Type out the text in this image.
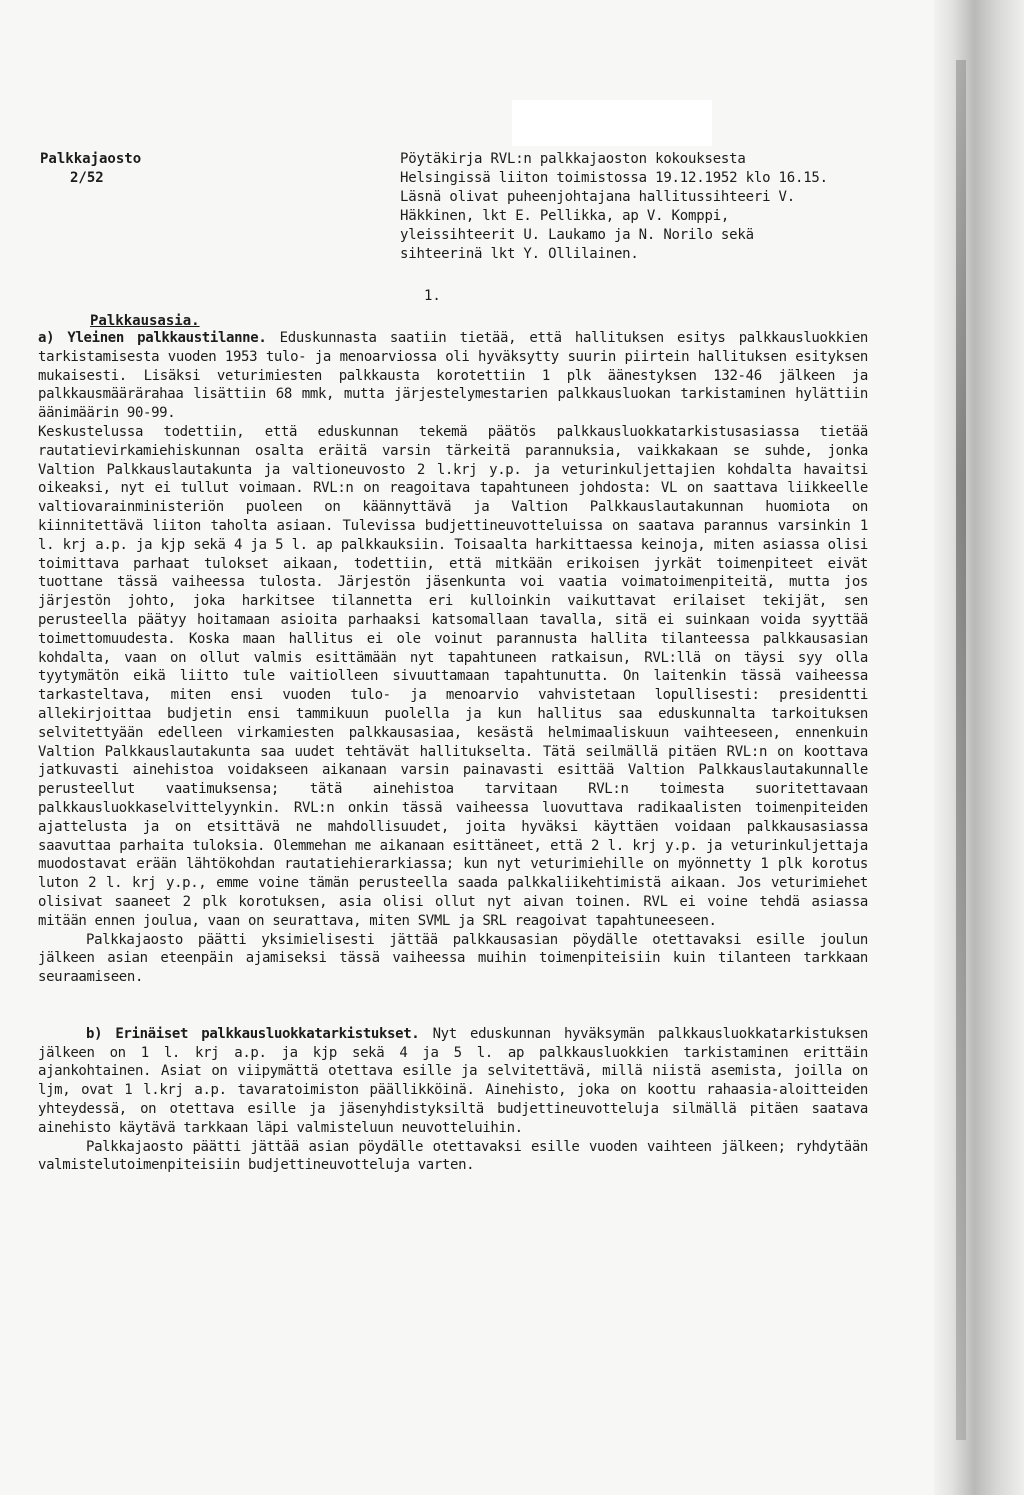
Palkkajaosto
2/52
Pöytäkirja RVL:n palkkajaoston kokouksesta Helsingissä liiton toimistossa 19.12.1952 klo 16.15. Läsnä olivat puheenjohtajana hallitussihteeri V. Häkkinen, lkt E. Pellikka, ap V. Komppi, yleissihteerit U. Laukamo ja N. Norilo sekä sihteerinä lkt Y. Ollilainen.
1.
Palkkausasia.

a) Yleinen palkkaustilanne. Eduskunnasta saatiin tietää, että hallituksen esitys palkkausluokkien tarkistamisesta vuoden 1953 tulo- ja menoarviossa oli hyväksytty suurin piirtein hallituksen esityksen mukaisesti. Lisäksi veturimiesten palkkausta korotettiin 1 plk äänestyksen 132-46 jälkeen ja palkkausmäärärahaa lisättiin 68 mmk, mutta järjestelymestarien palkkausluokan tarkistaminen hylättiin äänimäärin 90-99.

Keskustelussa todettiin, että eduskunnan tekemä päätös palkkausluokkatarkistusasiassa tietää rautatievirkamiehiskunnan osalta eräitä varsin tärkeitä parannuksia, vaikkakaan se suhde, jonka Valtion Palkkauslautakunta ja valtioneuvosto 2 l.krj y.p. ja veturinkuljettajien kohdalta havaitsi oikeaksi, nyt ei tullut voimaan. RVL:n on reagoitava tapahtuneen johdosta: VL on saattava liikkeelle valtiovarainministeriön puoleen on käännyttävä ja Valtion Palkkauslautakunnan huomiota on kiinnitettävä liiton taholta asiaan. Tulevissa budjettineuvotteluissa on saatava parannus varsinkin 1 l. krj a.p. ja kjp sekä 4 ja 5 l. ap palkkauksiin. Toisaalta harkittaessa keinoja, miten asiassa olisi toimittava parhaat tulokset aikaan, todettiin, että mitkään erikoisen jyrkät toimenpiteet eivät tuottane tässä vaiheessa tulosta. Järjestön jäsenkunta voi vaatia voimatoimenpiteitä, mutta jos järjestön johto, joka harkitsee tilannetta eri kulloinkin vaikuttavat erilaiset tekijät, sen perusteella päätyy hoitamaan asioita parhaaksi katsomallaan tavalla, sitä ei suinkaan voida syyttää toimettomuudesta. Koska maan hallitus ei ole voinut parannusta hallita tilanteessa palkkausasian kohdalta, vaan on ollut valmis esittämään nyt tapahtuneen ratkaisun, RVL:llä on täysi syy olla tyytymätön eikä liitto tule vaitiolleen sivuuttamaan tapahtunutta. On laitenkin tässä vaiheessa tarkasteltava, miten ensi vuoden tulo- ja menoarvio vahvistetaan lopullisesti: presidentti allekirjoittaa budjetin ensi tammikuun puolella ja kun hallitus saa eduskunnalta tarkoituksen selvitettyään edelleen virkamiesten palkkausasiaa, kesästä helmimaaliskuun vaihteeseen, ennenkuin Valtion Palkkauslautakunta saa uudet tehtävät hallitukselta. Tätä seilmällä pitäen RVL:n on koottava jatkuvasti ainehistoa voidakseen aikanaan varsin painavasti esittää Valtion Palkkauslautakunnalle perusteellut vaatimuksensa; tätä ainehistoa tarvitaan RVL:n toimesta suoritettavaan palkkausluokkaselvittelyynkin. RVL:n onkin tässä vaiheessa luovuttava radikaalisten toimenpiteiden ajattelusta ja on etsittävä ne mahdollisuudet, joita hyväksi käyttäen voidaan palkkausasiassa saavuttaa parhaita tuloksia. Olemmehan me aikanaan esittäneet, että 2 l. krj y.p. ja veturinkuljettaja muodostavat erään lähtökohdan rautatiehierarkiassa; kun nyt veturimiehille on myönnetty 1 plk korotus luton 2 l. krj y.p., emme voine tämän perusteella saada palkkaliikehtimistä aikaan. Jos veturimiehet olisivat saaneet 2 plk korotuksen, asia olisi ollut nyt aivan toinen. RVL ei voine tehdä asiassa mitään ennen joulua, vaan on seurattava, miten SVML ja SRL reagoivat tapahtuneeseen.

Palkkajaosto päätti yksimielisesti jättää palkkausasian pöydälle otettavaksi esille joulun jälkeen asian eteenpäin ajamiseksi tässä vaiheessa muihin toimenpiteisiin kuin tilanteen tarkkaan seuraamiseen.

b) Erinäiset palkkausluokkatarkistukset. Nyt eduskunnan hyväksymän palkkausluokkatarkistuksen jälkeen on 1 l. krj a.p. ja kjp sekä 4 ja 5 l. ap palkkausluokkien tarkistaminen erittäin ajankohtainen. Asiat on viipymättä otettava esille ja selvitettävä, millä niistä asemista, joilla on ljm, ovat 1 l.krj a.p. tavaratoimiston päällikköinä. Ainehisto, joka on koottu rahaasia-aloitteiden yhteydessä, on otettava esille ja jäsenyhdistyksiltä budjettineuvotteluja silmällä pitäen saatava ainehisto käytävä tarkkaan läpi valmisteluun neuvotteluihin.

Palkkajaosto päätti jättää asian pöydälle otettavaksi esille vuoden vaihteen jälkeen; ryhdytään valmistelutoimenpiteisiin budjettineuvotteluja varten.
